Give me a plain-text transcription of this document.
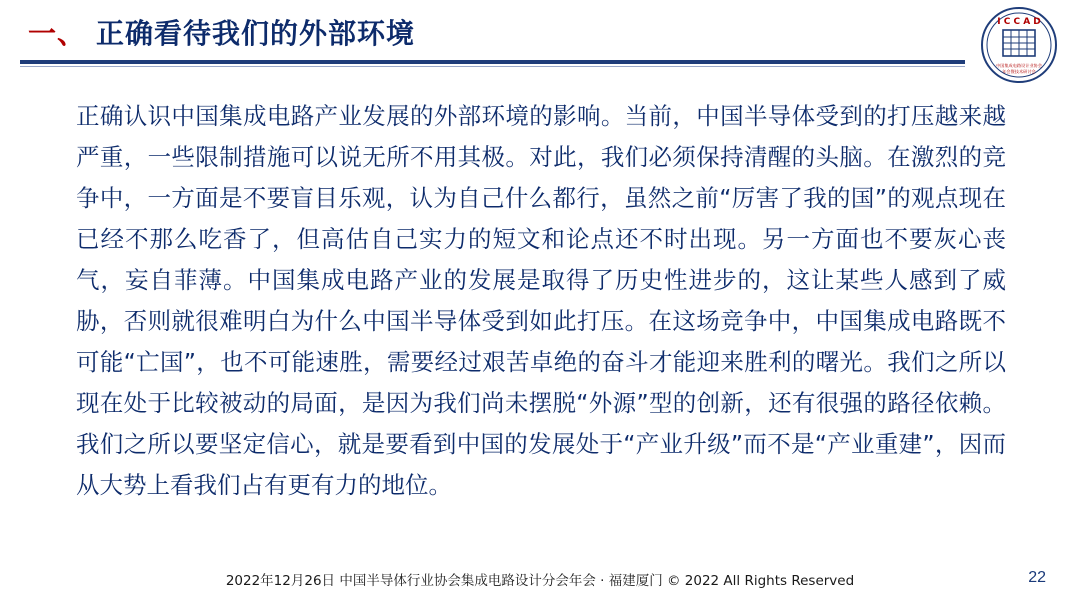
一、 正确看待我们的外部环境	I C C A D
中国集成电路设计业协会
年会暨技术研讨会
正确认识中国集成电路产业发展的外部环境的影响。当前，中国半导体受到的打压越来越严重，一些限制措施可以说无所不用其极。对此，我们必须保持清醒的头脑。在激烈的竞争中，一方面是不要盲目乐观，认为自己什么都行，虽然之前“厉害了我的国”的观点现在已经不那么吃香了，但高估自己实力的短文和论点还不时出现。另一方面也不要灰心丧气，妄自菲薄。中国集成电路产业的发展是取得了历史性进步的，这让某些人感到了威胁，否则就很难明白为什么中国半导体受到如此打压。在这场竞争中，中国集成电路既不可能“亡国”，也不可能速胜，需要经过艰苦卓绝的奋斗才能迎来胜利的曙光。我们之所以现在处于比较被动的局面，是因为我们尚未摆脱“外源”型的创新，还有很强的路径依赖。我们之所以要坚定信心，就是要看到中国的发展处于“产业升级”而不是“产业重建”，因而从大势上看我们占有更有力的地位。
2022年12月26日 中国半导体行业协会集成电路设计分会年会 · 福建厦门 © 2022 All Rights Reserved	22
